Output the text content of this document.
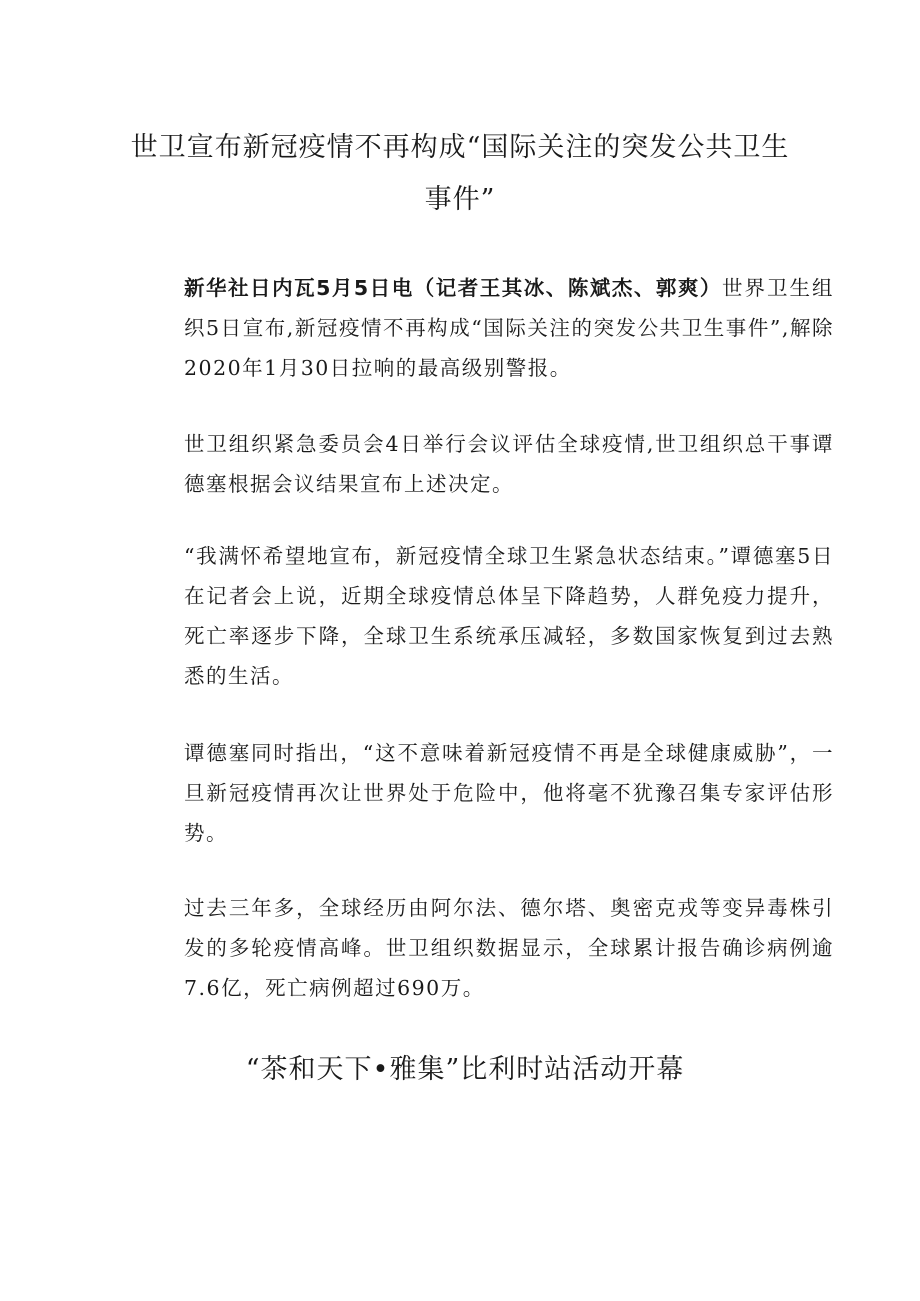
世卫宣布新冠疫情不再构成“国际关注的突发公共卫生事件”

新华社日内瓦5月5日电（记者王其冰、陈斌杰、郭爽）世界卫生组织5日宣布,新冠疫情不再构成“国际关注的突发公共卫生事件”,解除2020年1月30日拉响的最高级别警报。

世卫组织紧急委员会4日举行会议评估全球疫情,世卫组织总干事谭德塞根据会议结果宣布上述决定。

“我满怀希望地宣布，新冠疫情全球卫生紧急状态结束。”谭德塞5日在记者会上说，近期全球疫情总体呈下降趋势，人群免疫力提升，死亡率逐步下降，全球卫生系统承压减轻，多数国家恢复到过去熟悉的生活。

谭德塞同时指出，“这不意味着新冠疫情不再是全球健康威胁”，一旦新冠疫情再次让世界处于危险中，他将毫不犹豫召集专家评估形势。

过去三年多，全球经历由阿尔法、德尔塔、奥密克戎等变异毒株引发的多轮疫情高峰。世卫组织数据显示，全球累计报告确诊病例逾7.6亿，死亡病例超过690万。

“茶和天下•雅集”比利时站活动开幕
